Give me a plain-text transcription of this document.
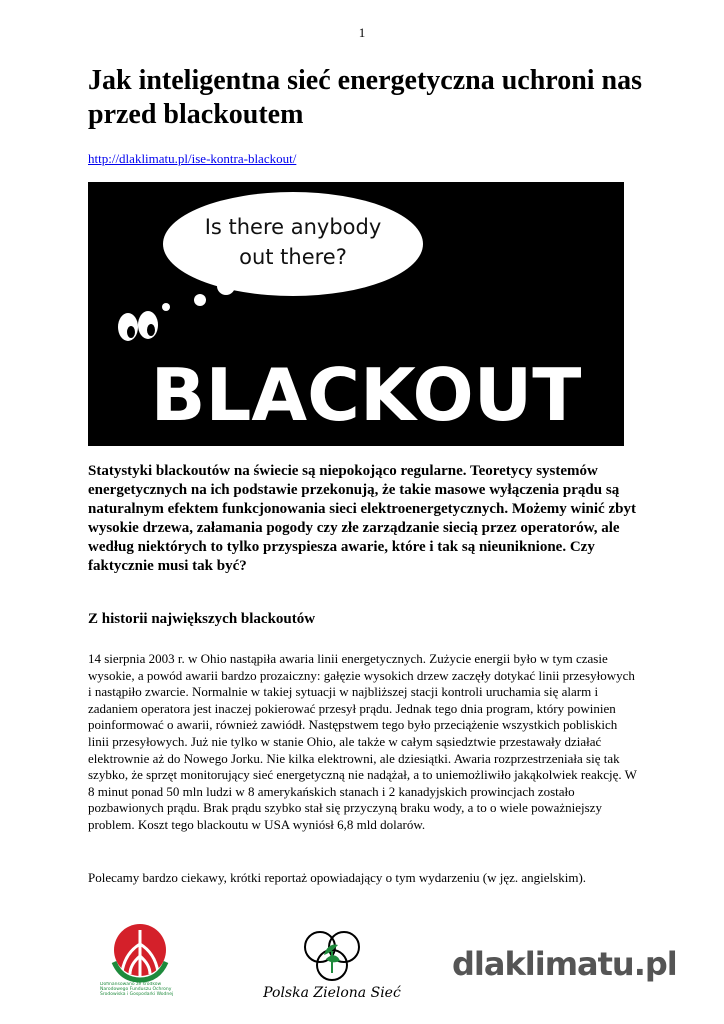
1
Jak inteligentna sieć energetyczna uchroni nas przed blackoutem
http://dlaklimatu.pl/ise-kontra-blackout/
Is there anybody
out there?
BLACKOUT

Statystyki blackoutów na świecie są niepokojąco regularne. Teoretycy systemów energetycznych na ich podstawie przekonują, że takie masowe wyłączenia prądu są naturalnym efektem funkcjonowania sieci elektroenergetycznych. Możemy winić zbyt wysokie drzewa, załamania pogody czy złe zarządzanie siecią przez operatorów, ale według niektórych to tylko przyspiesza awarie, które i tak są nieuniknione. Czy faktycznie musi tak być?

Z historii największych blackoutów

14 sierpnia 2003 r. w Ohio nastąpiła awaria linii energetycznych. Zużycie energii było w tym czasie wysokie, a powód awarii bardzo prozaiczny: gałęzie wysokich drzew zaczęły dotykać linii przesyłowych i nastąpiło zwarcie. Normalnie w takiej sytuacji w najbliższej stacji kontroli uruchamia się alarm i zadaniem operatora jest inaczej pokierować przesył prądu. Jednak tego dnia program, który powinien poinformować o awarii, również zawiódł. Następstwem tego było przeciążenie wszystkich pobliskich linii przesyłowych. Już nie tylko w stanie Ohio, ale także w całym sąsiedztwie przestawały działać elektrownie aż do Nowego Jorku. Nie kilka elektrowni, ale dziesiątki. Awaria rozprzestrzeniała się tak szybko, że sprzęt monitorujący sieć energetyczną nie nadążał, a to uniemożliwiło jakąkolwiek reakcję. W 8 minut ponad 50 mln ludzi w 8 amerykańskich stanach i 2 kanadyjskich prowincjach zostało pozbawionych prądu. Brak prądu szybko stał się przyczyną braku wody, a to o wiele poważniejszy problem. Koszt tego blackoutu w USA wyniósł 6,8 mld dolarów.

Polecamy bardzo ciekawy, krótki reportaż opowiadający o tym wydarzeniu (w jęz. angielskim).

Dofinansowano ze środków Narodowego Funduszu Ochrony Środowiska i Gospodarki Wodnej	Polska Zielona Sieć
dlaklimatu.pl
